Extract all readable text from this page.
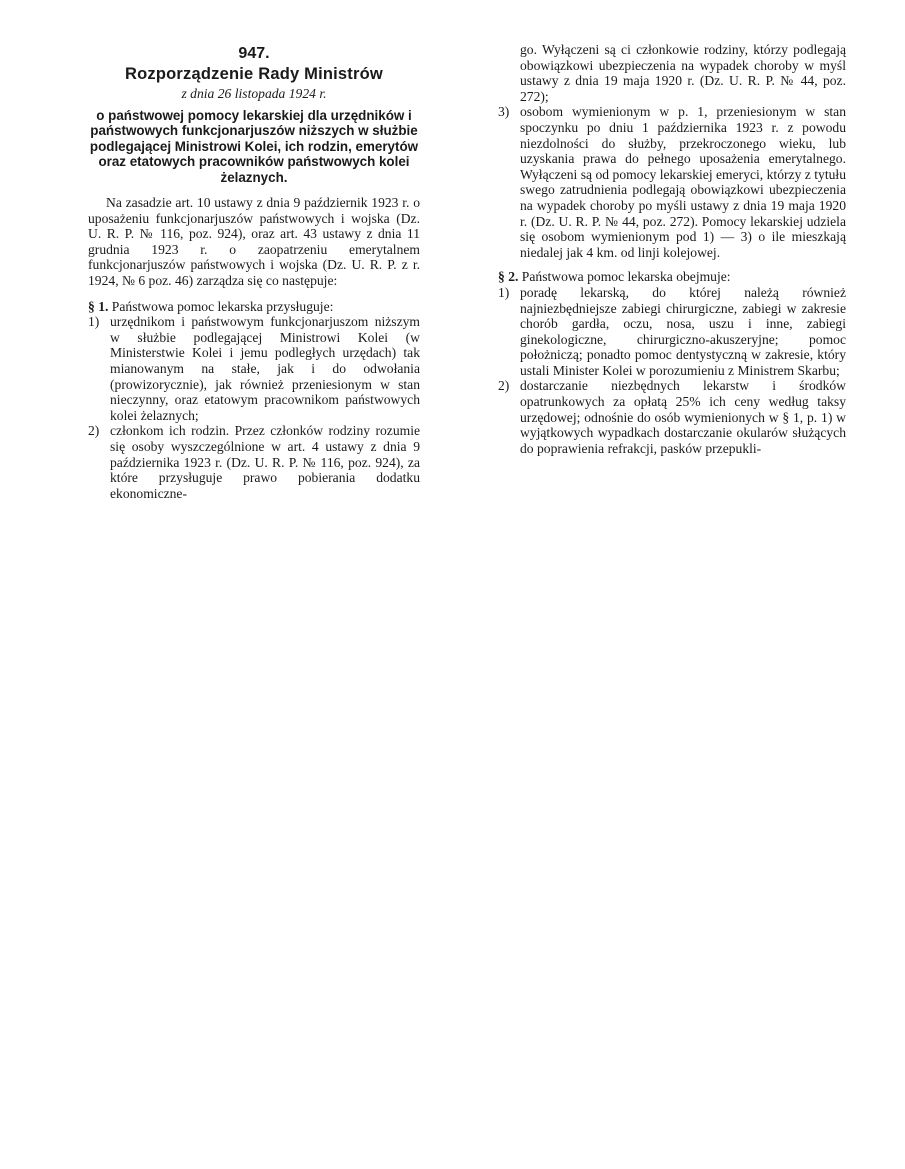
947.

Rozporządzenie Rady Ministrów

z dnia 26 listopada 1924 r.

o państwowej pomocy lekarskiej dla urzędników i państwowych funkcjonarjuszów niższych w służbie podlegającej Ministrowi Kolei, ich rodzin, emerytów oraz etatowych pracowników państwowych kolei żelaznych.

Na zasadzie art. 10 ustawy z dnia 9 październik 1923 r. o uposażeniu funkcjonarjuszów państwowych i wojska (Dz. U. R. P. № 116, poz. 924), oraz art. 43 ustawy z dnia 11 grudnia 1923 r. o zaopatrzeniu emerytalnem funkcjonarjuszów państwowych i wojska (Dz. U. R. P. z r. 1924, № 6 poz. 46) zarządza się co następuje:

§ 1. Państwowa pomoc lekarska przysługuje:

1) urzędnikom i państwowym funkcjonarjuszom niższym w służbie podlegającej Ministrowi Kolei (w Ministerstwie Kolei i jemu podległych urzędach) tak mianowanym na stałe, jak i do odwołania (prowizorycznie), jak również przeniesionym w stan nieczynny, oraz etatowym pracownikom państwowych kolei żelaznych;
2) członkom ich rodzin. Przez członków rodziny rozumie się osoby wyszczególnione w art. 4 ustawy z dnia 9 października 1923 r. (Dz. U. R. P. № 116, poz. 924), za które przysługuje prawo pobierania dodatku ekonomiczne-
go. Wyłączeni są ci członkowie rodziny, którzy podlegają obowiązkowi ubezpieczenia na wypadek choroby w myśl ustawy z dnia 19 maja 1920 r. (Dz. U. R. P. № 44, poz. 272);
3) osobom wymienionym w p. 1, przeniesionym w stan spoczynku po dniu 1 października 1923 r. z powodu niezdolności do służby, przekroczonego wieku, lub uzyskania prawa do pełnego uposażenia emerytalnego. Wyłączeni są od pomocy lekarskiej emeryci, którzy z tytułu swego zatrudnienia podlegają obowiązkowi ubezpieczenia na wypadek choroby po myśli ustawy z dnia 19 maja 1920 r. (Dz. U. R. P. № 44, poz. 272). Pomocy lekarskiej udziela się osobom wymienionym pod 1) — 3) o ile mieszkają niedalej jak 4 km. od linji kolejowej.

§ 2. Państwowa pomoc lekarska obejmuje:

1) poradę lekarską, do której należą również najniezbędniejsze zabiegi chirurgiczne, zabiegi w zakresie chorób gardła, oczu, nosa, uszu i inne, zabiegi ginekologiczne, chirurgiczno-akuszeryjne; pomoc położniczą; ponadto pomoc dentystyczną w zakresie, który ustali Minister Kolei w porozumieniu z Ministrem Skarbu;
2) dostarczanie niezbędnych lekarstw i środków opatrunkowych za opłatą 25% ich ceny według taksy urzędowej; odnośnie do osób wymienionych w § 1, p. 1) w wyjątkowych wypadkach dostarczanie okularów służących do poprawienia refrakcji, pasków przepukli-
